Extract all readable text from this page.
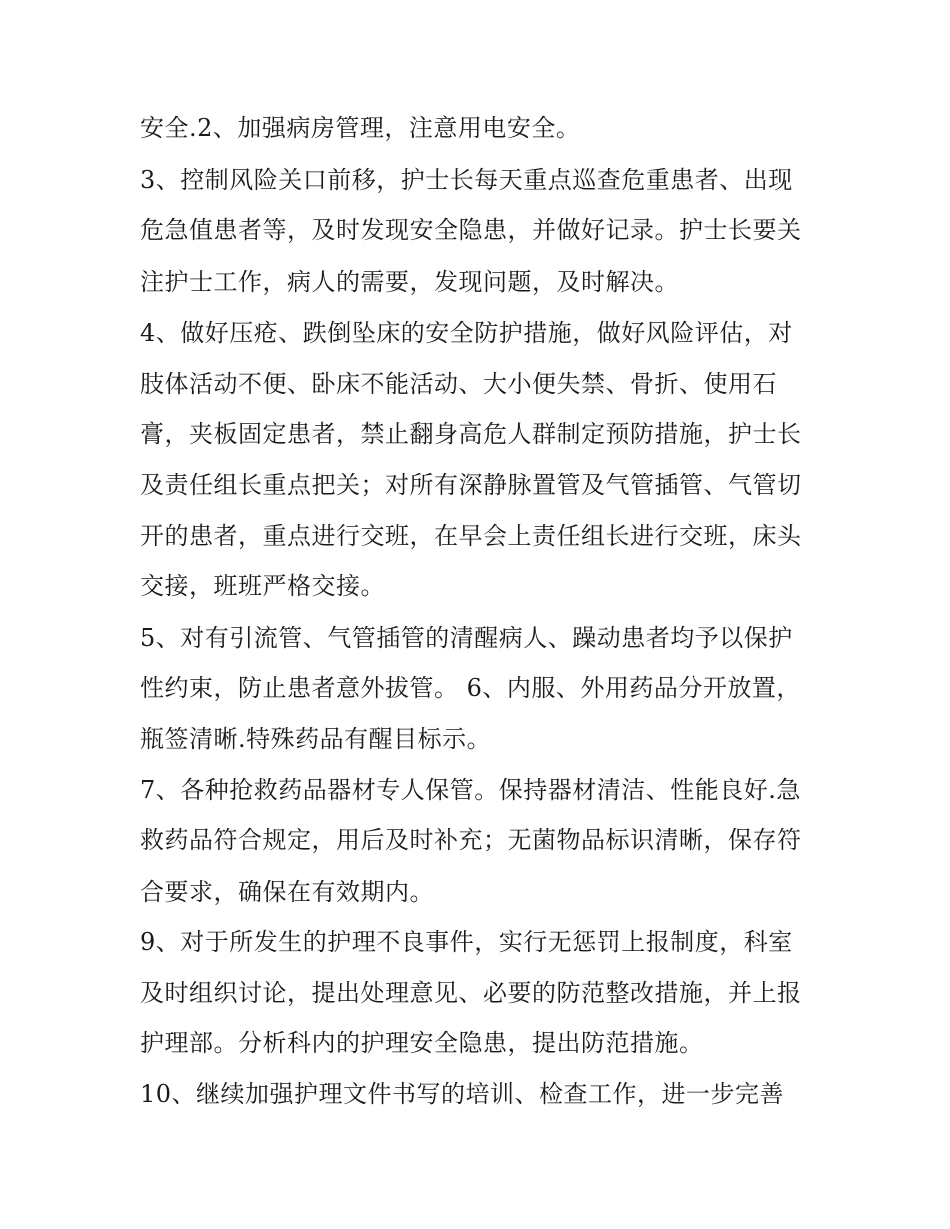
安全.2、加强病房管理，注意用电安全。
3、控制风险关口前移，护士长每天重点巡查危重患者、出现
危急值患者等，及时发现安全隐患，并做好记录。护士长要关
注护士工作，病人的需要，发现问题，及时解决。
4、做好压疮、跌倒坠床的安全防护措施，做好风险评估，对
肢体活动不便、卧床不能活动、大小便失禁、骨折、使用石
膏，夹板固定患者，禁止翻身高危人群制定预防措施，护士长
及责任组长重点把关；对所有深静脉置管及气管插管、气管切
开的患者，重点进行交班，在早会上责任组长进行交班，床头
交接，班班严格交接。
5、对有引流管、气管插管的清醒病人、躁动患者均予以保护
性约束，防止患者意外拔管。 6、内服、外用药品分开放置，
瓶签清晰.特殊药品有醒目标示。
7、各种抢救药品器材专人保管。保持器材清洁、性能良好.急
救药品符合规定，用后及时补充；无菌物品标识清晰，保存符
合要求，确保在有效期内。
9、对于所发生的护理不良事件，实行无惩罚上报制度，科室
及时组织讨论，提出处理意见、必要的防范整改措施，并上报
护理部。分析科内的护理安全隐患，提出防范措施。
10、继续加强护理文件书写的培训、检查工作，进一步完善
